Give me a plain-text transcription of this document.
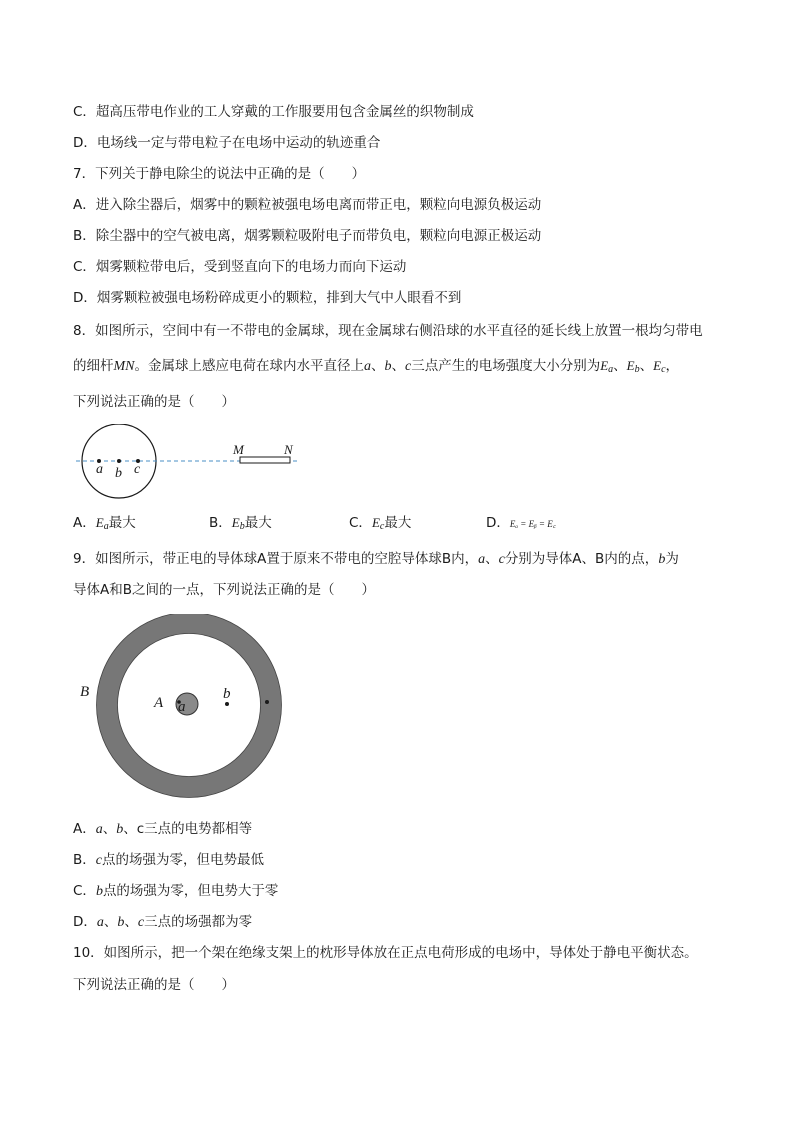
C．超高压带电作业的工人穿戴的工作服要用包含金属丝的织物制成
D．电场线一定与带电粒子在电场中运动的轨迹重合
7．下列关于静电除尘的说法中正确的是（　　）
A．进入除尘器后，烟雾中的颗粒被强电场电离而带正电，颗粒向电源负极运动
B．除尘器中的空气被电离，烟雾颗粒吸附电子而带负电，颗粒向电源正极运动
C．烟雾颗粒带电后，受到竖直向下的电场力而向下运动
D．烟雾颗粒被强电场粉碎成更小的颗粒，排到大气中人眼看不到
8．如图所示，空间中有一不带电的金属球，现在金属球右侧沿球的水平直径的延长线上放置一根均匀带电
的细杆MN。金属球上感应电荷在球内水平直径上a、b、c三点产生的电场强度大小分别为$E_a$、$E_b$、$E_c$，
下列说法正确的是（　　）
a b c
M	N
A．$E_a$最大	B．$E_b$最大	C．$E_c$最大	D．Eₐ = Eᵦ = E꜀
9．如图所示，带正电的导体球A置于原来不带电的空腔导体球B内，a、c分别为导体A、B内的点，b为
导体A和B之间的一点，下列说法正确的是（　　）
B
A a
b
A．a、b、c三点的电势都相等
B．c点的场强为零，但电势最低
C．b点的场强为零，但电势大于零
D．a、b、c三点的场强都为零
10．如图所示，把一个架在绝缘支架上的枕形导体放在正点电荷形成的电场中，导体处于静电平衡状态。
下列说法正确的是（　　）
